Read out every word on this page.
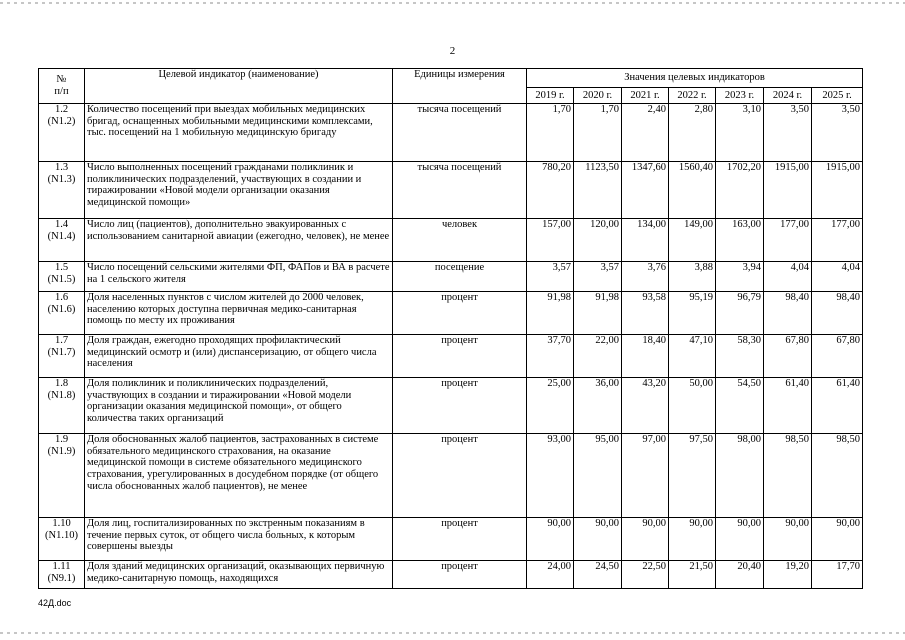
2
№
п/п	Целевой индикатор (наименование)	Единицы измерения	Значения целевых индикаторов						
			2019 г.	2020 г.	2021 г.	2022 г.	2023 г.	2024 г.	2025 г.
1.2
(N1.2)	Количество посещений при выездах мобильных медицинских бригад, оснащенных мобильными медицинскими комплексами, тыс. посещений на 1 мобильную медицинскую бригаду	тысяча посещений	1,70	1,70	2,40	2,80	3,10	3,50	3,50
1.3
(N1.3)	Число выполненных посещений гражданами поликлиник и поликлинических подразделений, участвующих в создании и тиражировании «Новой модели организации оказания медицинской помощи»	тысяча посещений	780,20	1123,50	1347,60	1560,40	1702,20	1915,00	1915,00
1.4
(N1.4)	Число лиц (пациентов), дополнительно эвакуированных с использованием санитарной авиации (ежегодно, человек), не менее	человек	157,00	120,00	134,00	149,00	163,00	177,00	177,00
1.5
(N1.5)	Число посещений сельскими жителями ФП, ФАПов и ВА в расчете на 1 сельского жителя	посещение	3,57	3,57	3,76	3,88	3,94	4,04	4,04
1.6
(N1.6)	Доля населенных пунктов с числом жителей до 2000 человек, населению которых доступна первичная медико-санитарная помощь по месту их проживания	процент	91,98	91,98	93,58	95,19	96,79	98,40	98,40
1.7
(N1.7)	Доля граждан, ежегодно проходящих профилактический медицинский осмотр и (или) диспансеризацию, от общего числа населения	процент	37,70	22,00	18,40	47,10	58,30	67,80	67,80
1.8
(N1.8)	Доля поликлиник и поликлинических подразделений, участвующих в создании и тиражировании «Новой модели организации оказания медицинской помощи», от общего количества таких организаций	процент	25,00	36,00	43,20	50,00	54,50	61,40	61,40
1.9
(N1.9)	Доля обоснованных жалоб пациентов, застрахованных в системе обязательного медицинского страхования, на оказание медицинской помощи в системе обязательного медицинского страхования, урегулированных в досудебном порядке (от общего числа обоснованных жалоб пациентов), не менее	процент	93,00	95,00	97,00	97,50	98,00	98,50	98,50
1.10
(N1.10)	Доля лиц, госпитализированных по экстренным показаниям в течение первых суток, от общего числа больных, к которым совершены выезды	процент	90,00	90,00	90,00	90,00	90,00	90,00	90,00
1.11
(N9.1)	Доля зданий медицинских организаций, оказывающих первичную медико-санитарную помощь, находящихся	процент	24,00	24,50	22,50	21,50	20,40	19,20	17,70
42Д.doc
